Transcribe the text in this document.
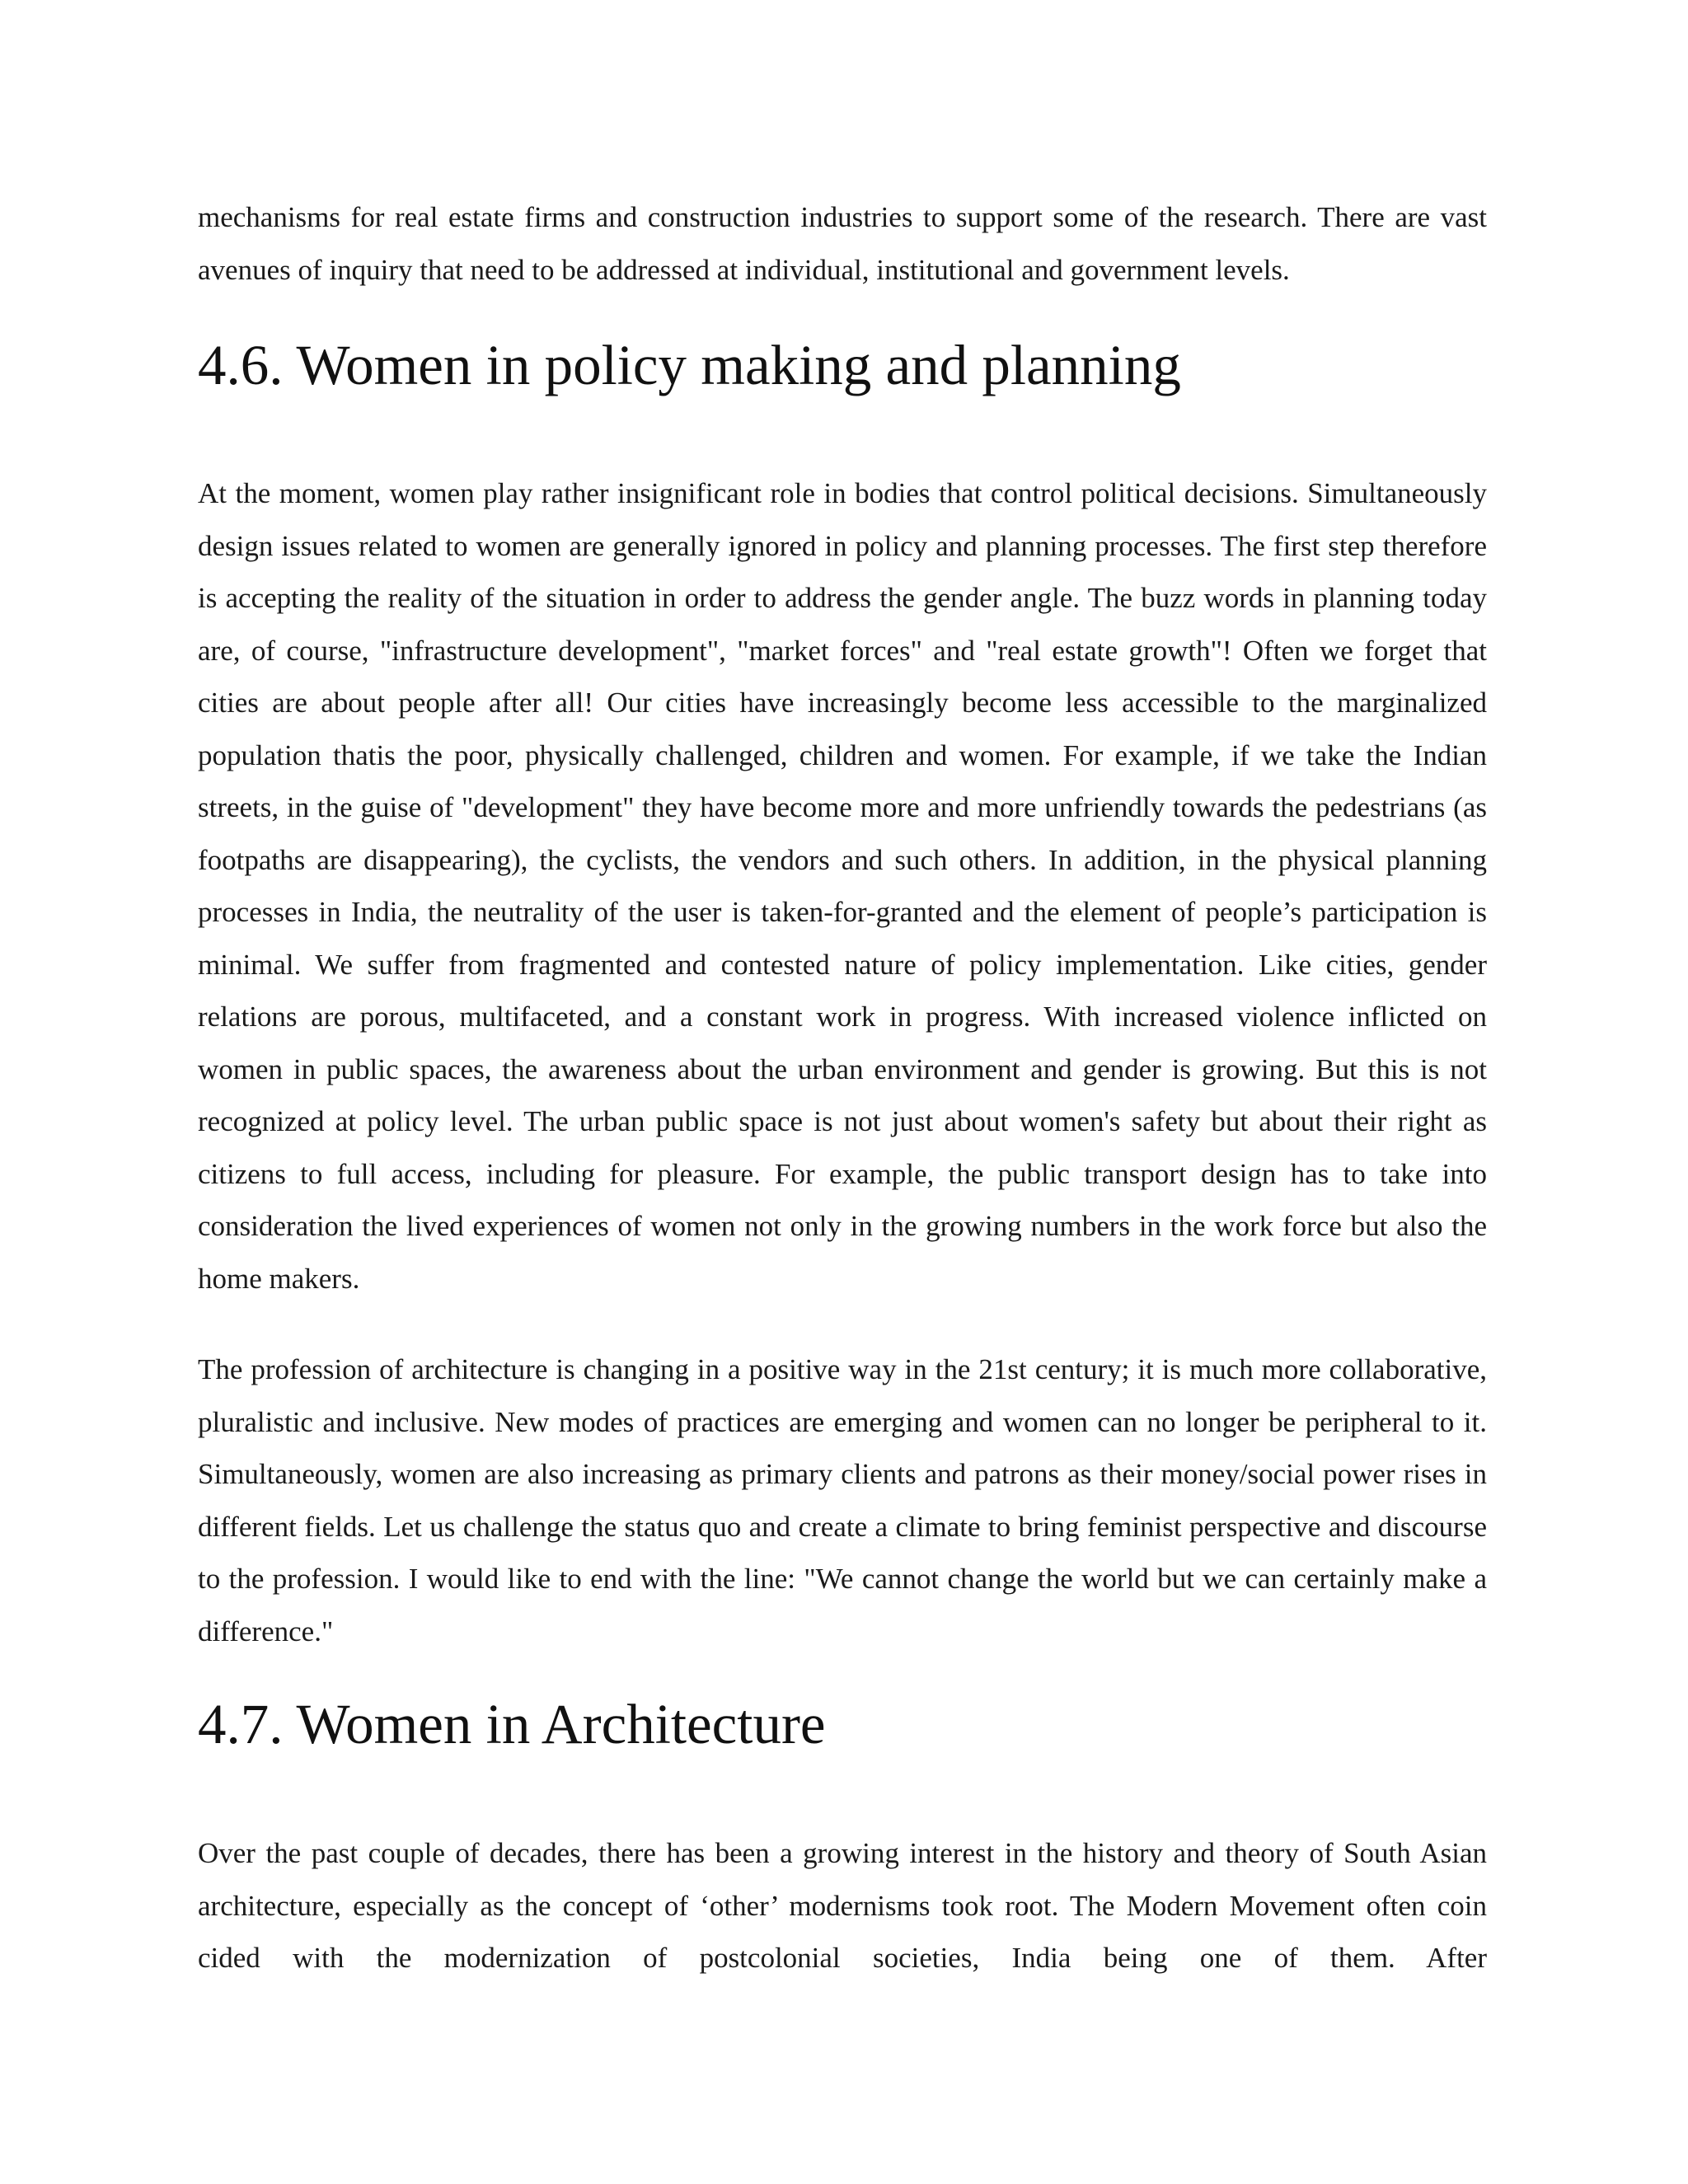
mechanisms for real estate firms and construction industries to support some of the research. There are vast avenues of inquiry that need to be addressed at individual, institutional and government levels.

4.6. Women in policy making and planning

At the moment, women play rather insignificant role in bodies that control political decisions. Simultaneously design issues related to women are generally ignored in policy and planning processes. The first step therefore is accepting the reality of the situation in order to address the gender angle. The buzz words in planning today are, of course, "infrastructure development", "market forces" and "real estate growth"! Often we forget that cities are about people after all! Our cities have increasingly become less accessible to the marginalized population thatis the poor, physically challenged, children and women. For example, if we take the Indian streets, in the guise of "development" they have become more and more unfriendly towards the pedestrians (as footpaths are disappearing), the cyclists, the vendors and such others. In addition, in the physical planning processes in India, the neutrality of the user is taken-for-granted and the element of people’s participation is minimal. We suffer from fragmented and contested nature of policy implementation. Like cities, gender relations are porous, multifaceted, and a constant work in progress. With increased violence inflicted on women in public spaces, the awareness about the urban environment and gender is growing. But this is not recognized at policy level. The urban public space is not just about women's safety but about their right as citizens to full access, including for pleasure. For example, the public transport design has to take into consideration the lived experiences of women not only in the growing numbers in the work force but also the home makers.

The profession of architecture is changing in a positive way in the 21st century; it is much more collaborative, pluralistic and inclusive. New modes of practices are emerging and women can no longer be peripheral to it. Simultaneously, women are also increasing as primary clients and patrons as their money/social power rises in different fields. Let us challenge the status quo and create a climate to bring feminist perspective and discourse to the profession. I would like to end with the line: "We cannot change the world but we can certainly make a difference."

4.7. Women in Architecture

Over the past couple of decades, there has been a growing interest in the history and theory of South Asian architecture, especially as the concept of ‘other’ modernisms took root. The Modern Movement often coin cided with the modernization of postcolonial societies, India being one of them. After
